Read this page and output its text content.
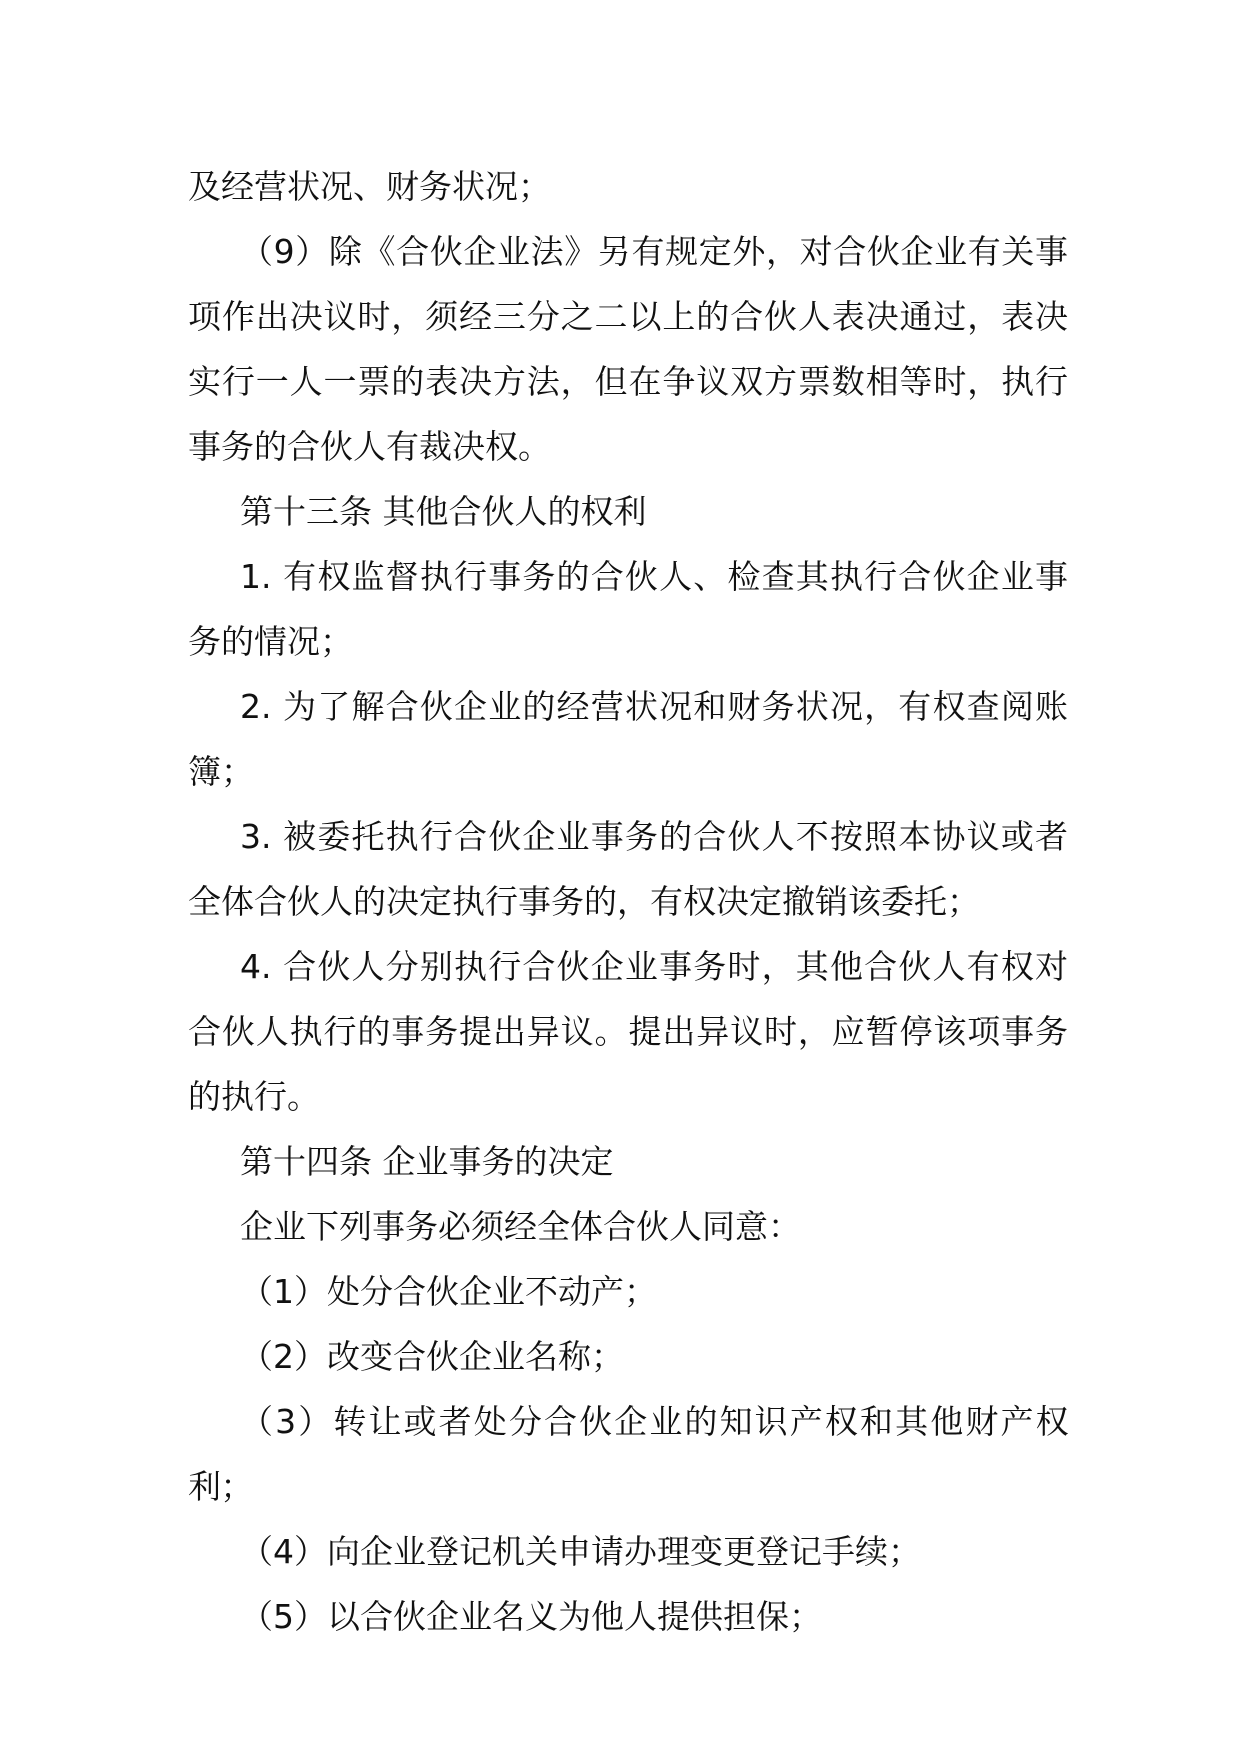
及经营状况、财务状况；

（9）除《合伙企业法》另有规定外，对合伙企业有关事项作出决议时，须经三分之二以上的合伙人表决通过，表决实行一人一票的表决方法，但在争议双方票数相等时，执行事务的合伙人有裁决权。

第十三条 其他合伙人的权利

1. 有权监督执行事务的合伙人、检查其执行合伙企业事务的情况；

2. 为了解合伙企业的经营状况和财务状况，有权查阅账簿；

3. 被委托执行合伙企业事务的合伙人不按照本协议或者全体合伙人的决定执行事务的，有权决定撤销该委托；

4. 合伙人分别执行合伙企业事务时，其他合伙人有权对合伙人执行的事务提出异议。提出异议时，应暂停该项事务的执行。

第十四条 企业事务的决定

企业下列事务必须经全体合伙人同意：

（1）处分合伙企业不动产；

（2）改变合伙企业名称；

（3）转让或者处分合伙企业的知识产权和其他财产权利；

（4）向企业登记机关申请办理变更登记手续；

（5）以合伙企业名义为他人提供担保；
